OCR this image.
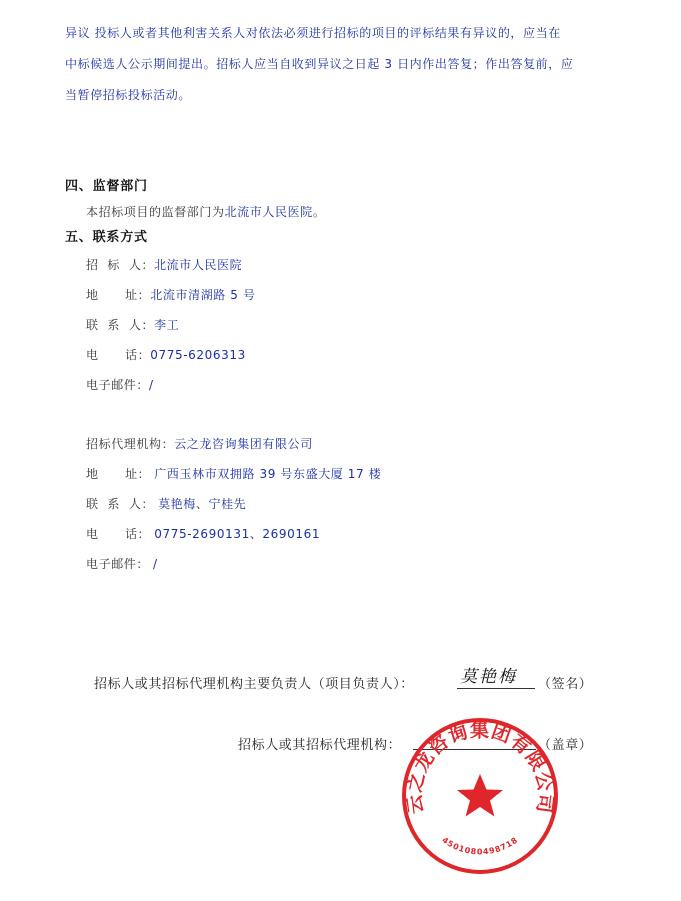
异议 投标人或者其他利害关系人对依法必须进行招标的项目的评标结果有异议的，应当在
中标候选人公示期间提出。招标人应当自收到异议之日起 3 日内作出答复；作出答复前，应
当暂停招标投标活动。
四、监督部门
本招标项目的监督部门为北流市人民医院。
五、联系方式
招  标  人：北流市人民医院
地      址：北流市清湖路 5 号
联  系  人：李工
电      话：0775-6206313
电子邮件：/
招标代理机构：云之龙咨询集团有限公司
地      址： 广西玉林市双拥路 39 号东盛大厦 17 楼
联  系  人： 莫艳梅、宁桂先
电      话： 0775-2690131、2690161
电子邮件： /
招标人或其招标代理机构主要负责人（项目负责人）：	莫艳梅 （签名）
招标人或其招标代理机构：	（盖章）
云之龙咨询集团有限公司
4501080498718
